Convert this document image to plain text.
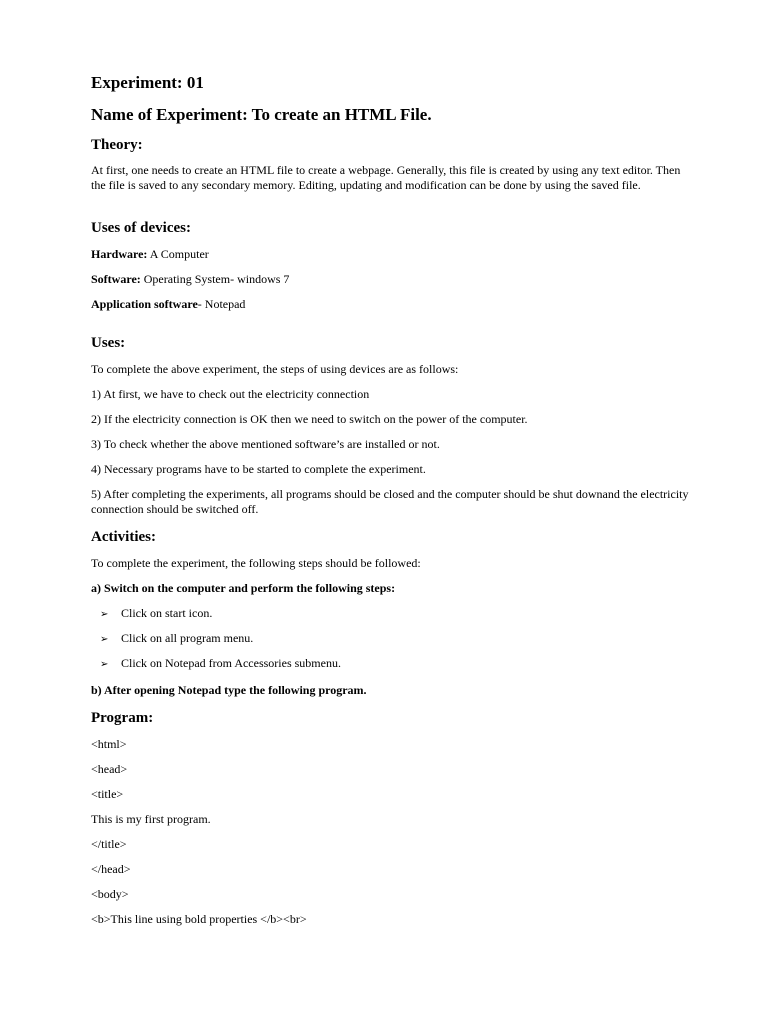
Experiment: 01
Name of Experiment: To create an HTML File.
Theory:

At first, one needs to create an HTML file to create a webpage. Generally, this file is created by using any text editor. Then the file is saved to any secondary memory. Editing, updating and modification can be done by using the saved file.

Uses of devices:

Hardware: A Computer

Software: Operating System- windows 7

Application software- Notepad

Uses:

To complete the above experiment, the steps of using devices are as follows:

1) At first, we have to check out the electricity connection

2) If the electricity connection is OK then we need to switch on the power of the computer.

3) To check whether the above mentioned software’s are installed or not.

4) Necessary programs have to be started to complete the experiment.

5) After completing the experiments, all programs should be closed and the computer should be shut downand the electricity connection should be switched off.

Activities:

To complete the experiment, the following steps should be followed:

a) Switch on the computer and perform the following steps:

➢ Click on start icon.
➢ Click on all program menu.
➢ Click on Notepad from Accessories submenu.

b) After opening Notepad type the following program.

Program:

<html>

<head>

<title>

This is my first program.

</title>

</head>

<body>

<b>This line using bold properties </b><br>
